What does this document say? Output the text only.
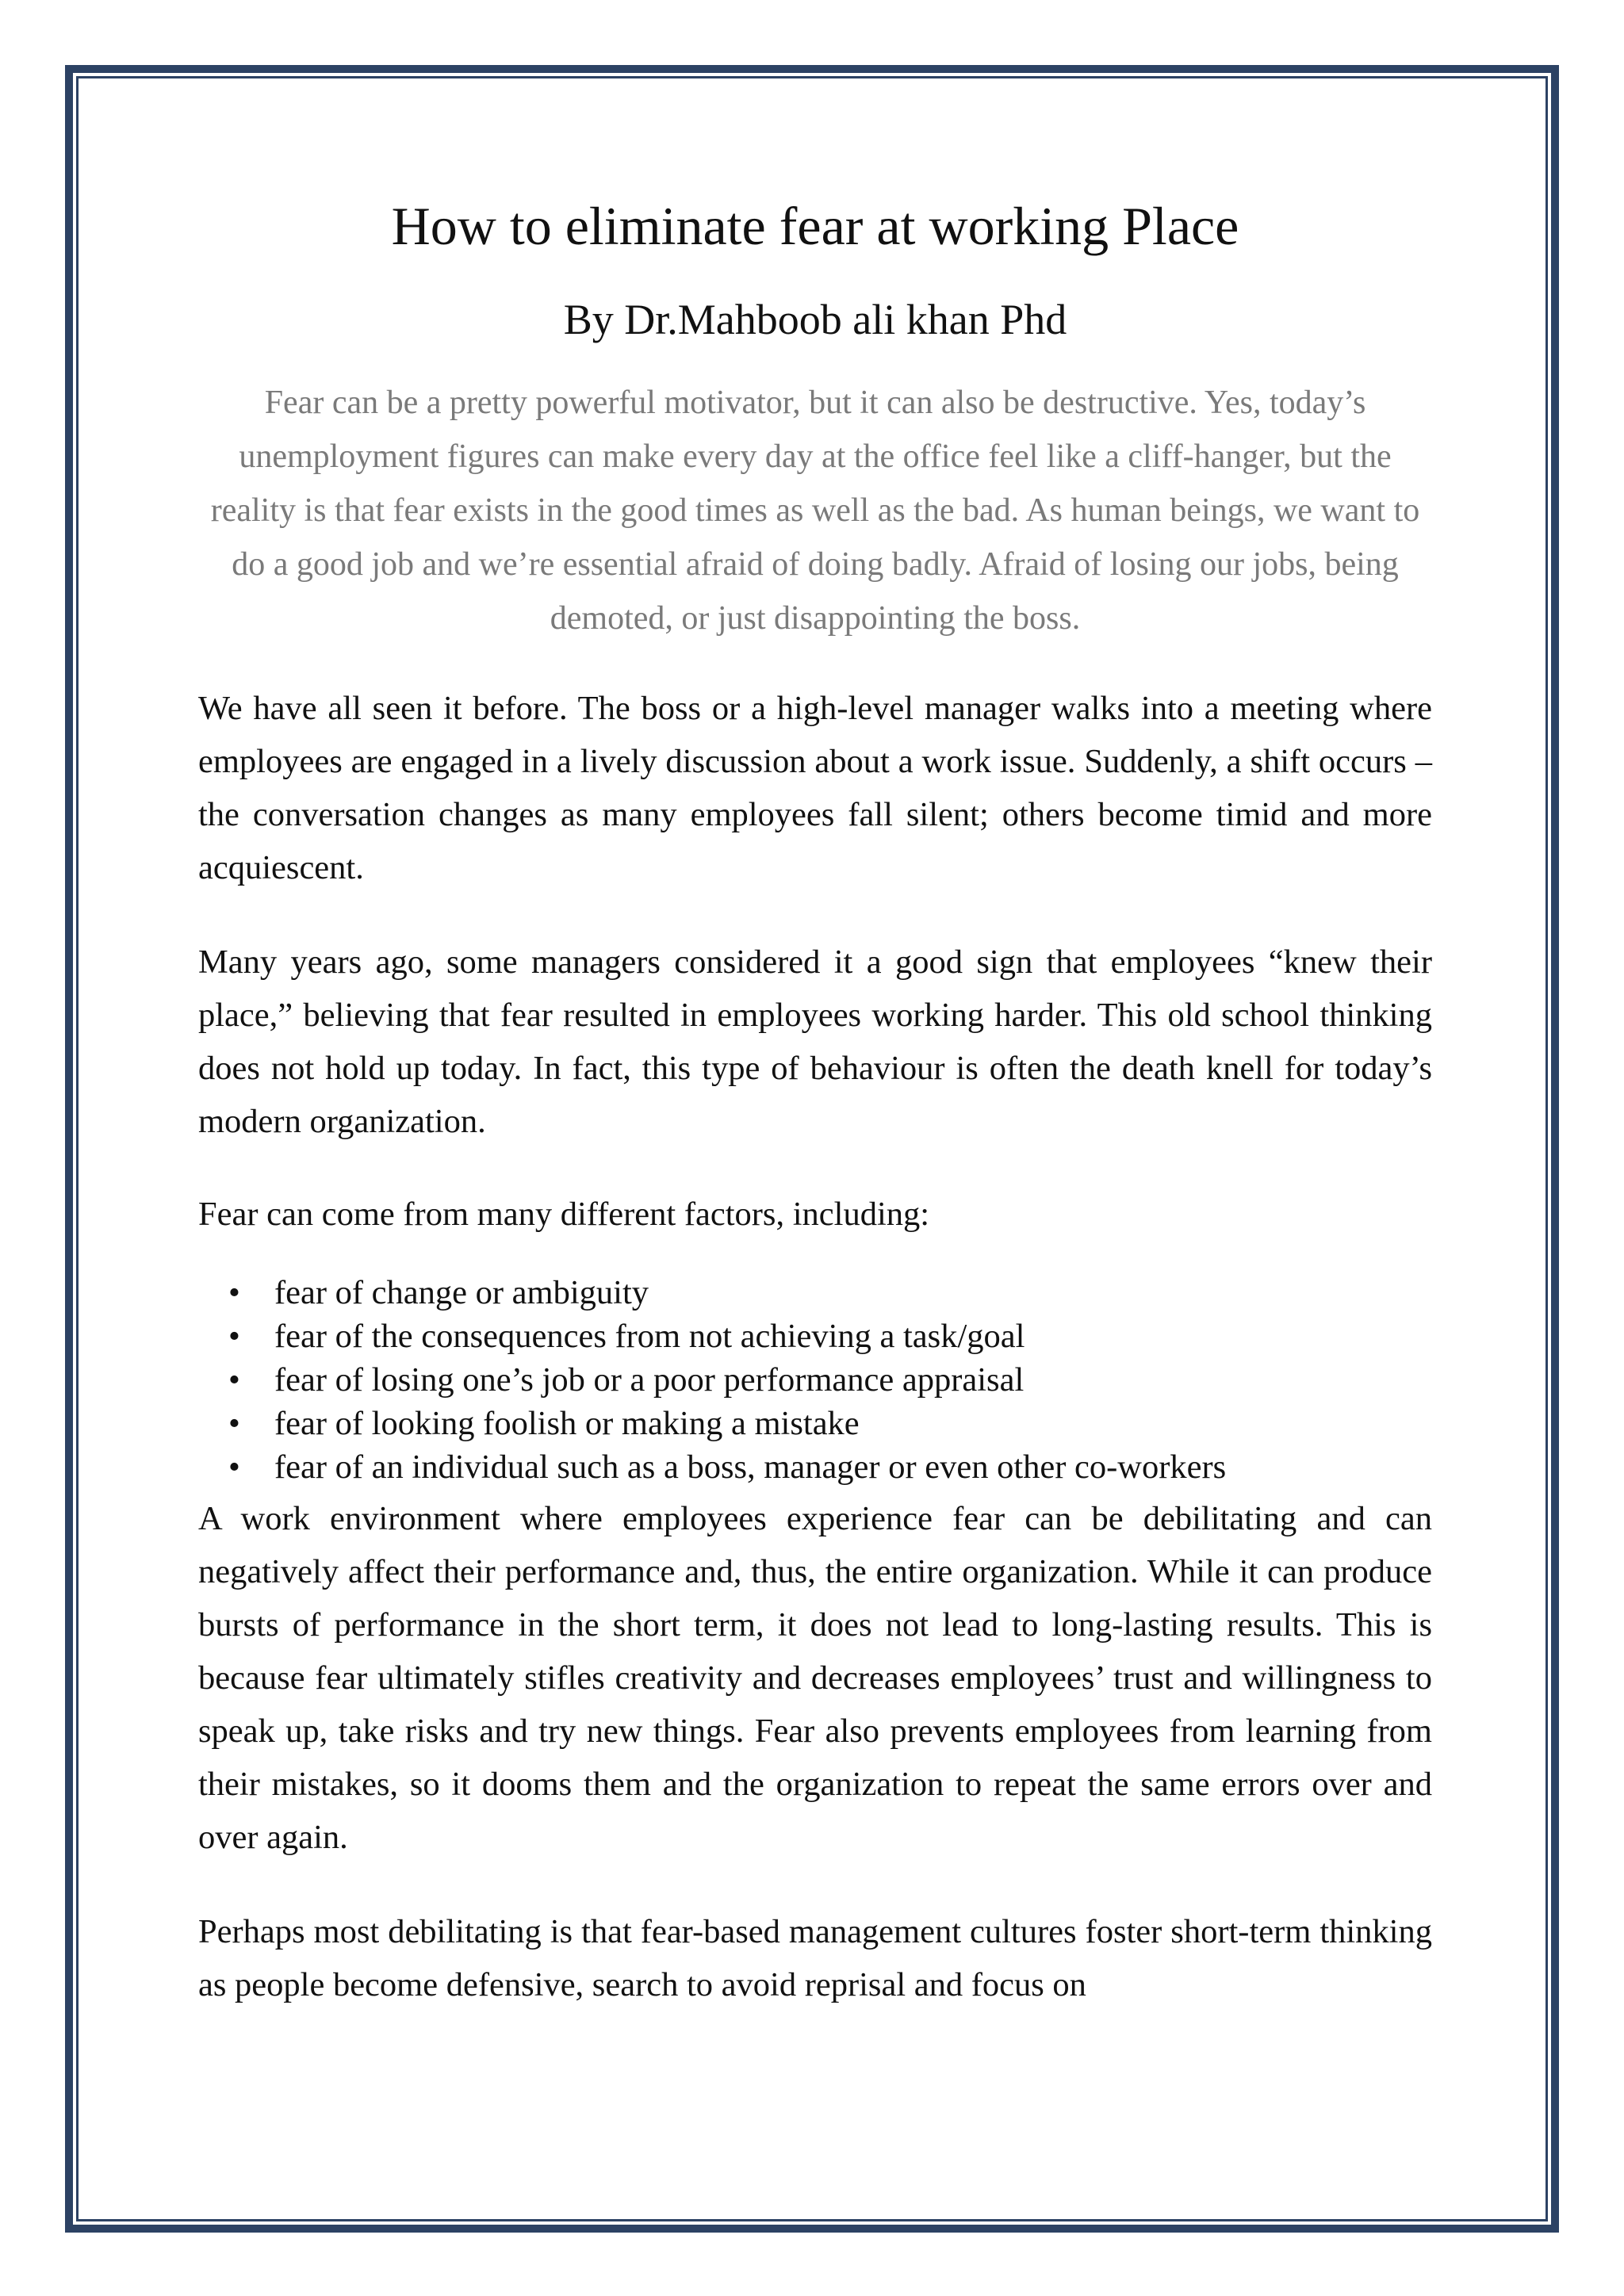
How to eliminate fear at working Place
By Dr.Mahboob ali khan Phd

Fear can be a pretty powerful motivator, but it can also be destructive. Yes, today’s unemployment figures can make every day at the office feel like a cliff-hanger, but the reality is that fear exists in the good times as well as the bad. As human beings, we want to do a good job and we’re essential afraid of doing badly. Afraid of losing our jobs, being demoted, or just disappointing the boss.

We have all seen it before. The boss or a high-level manager walks into a meeting where employees are engaged in a lively discussion about a work issue. Suddenly, a shift occurs – the conversation changes as many employees fall silent; others become timid and more acquiescent.

Many years ago, some managers considered it a good sign that employees “knew their place,” believing that fear resulted in employees working harder. This old school thinking does not hold up today. In fact, this type of behaviour is often the death knell for today’s modern organization.

Fear can come from many different factors, including:

• fear of change or ambiguity
• fear of the consequences from not achieving a task/goal
• fear of losing one’s job or a poor performance appraisal
• fear of looking foolish or making a mistake
• fear of an individual such as a boss, manager or even other co-workers

A work environment where employees experience fear can be debilitating and can negatively affect their performance and, thus, the entire organization. While it can produce bursts of performance in the short term, it does not lead to long-lasting results. This is because fear ultimately stifles creativity and decreases employees’ trust and willingness to speak up, take risks and try new things. Fear also prevents employees from learning from their mistakes, so it dooms them and the organization to repeat the same errors over and over again.

Perhaps most debilitating is that fear-based management cultures foster short-term thinking as people become defensive, search to avoid reprisal and focus on
